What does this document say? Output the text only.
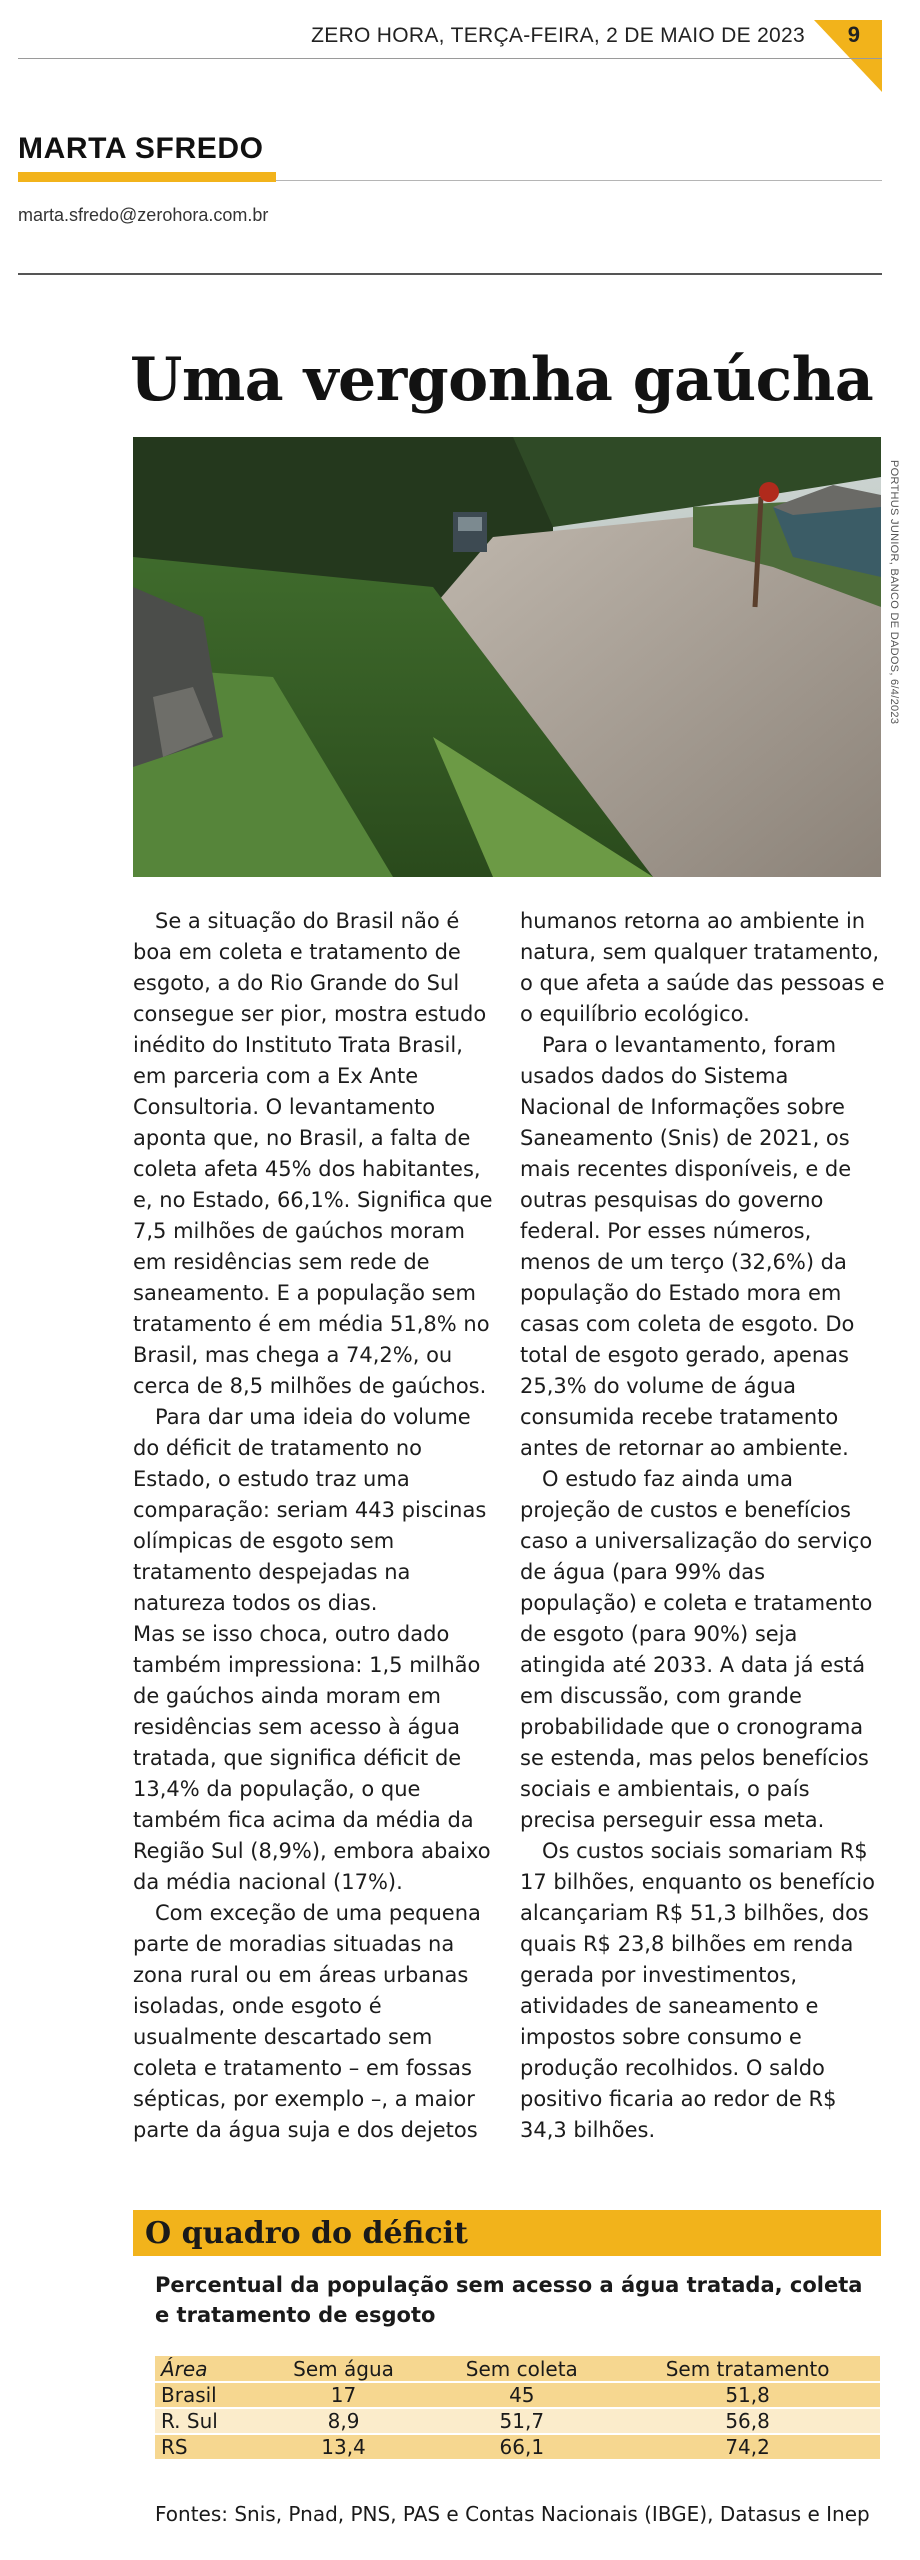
ZERO HORA, TERÇA-FEIRA, 2 DE MAIO DE 2023 9
MARTA SFREDO
marta.sfredo@zerohora.com.br
Uma vergonha gaúcha
PORTHUS JUNIOR, BANCO DE DADOS, 6/4/2023

Se a situação do Brasil não é boa em coleta e tratamento de esgoto, a do Rio Grande do Sul consegue ser pior, mostra estudo inédito do Instituto Trata Brasil, em parceria com a Ex Ante Consultoria. O levantamento aponta que, no Brasil, a falta de coleta afeta 45% dos habitantes, e, no Estado, 66,1%. Significa que 7,5 milhões de gaúchos moram em residências sem rede de saneamento. E a população sem tratamento é em média 51,8% no Brasil, mas chega a 74,2%, ou cerca de 8,5 milhões de gaúchos.

Para dar uma ideia do volume do déficit de tratamento no Estado, o estudo traz uma comparação: seriam 443 piscinas olímpicas de esgoto sem tratamento despejadas na natureza todos os dias.

Mas se isso choca, outro dado também impressiona: 1,5 milhão de gaúchos ainda moram em residências sem acesso à água tratada, que significa déficit de 13,4% da população, o que também fica acima da média da Região Sul (8,9%), embora abaixo da média nacional (17%).

Com exceção de uma pequena parte de moradias situadas na zona rural ou em áreas urbanas isoladas, onde esgoto é usualmente descartado sem coleta e tratamento – em fossas sépticas, por exemplo –, a maior parte da água suja e dos dejetos

humanos retorna ao ambiente in natura, sem qualquer tratamento, o que afeta a saúde das pessoas e o equilíbrio ecológico.

Para o levantamento, foram usados dados do Sistema Nacional de Informações sobre Saneamento (Snis) de 2021, os mais recentes disponíveis, e de outras pesquisas do governo federal. Por esses números, menos de um terço (32,6%) da população do Estado mora em casas com coleta de esgoto. Do total de esgoto gerado, apenas 25,3% do volume de água consumida recebe tratamento antes de retornar ao ambiente.

O estudo faz ainda uma projeção de custos e benefícios caso a universalização do serviço de água (para 99% das população) e coleta e tratamento de esgoto (para 90%) seja atingida até 2033. A data já está em discussão, com grande probabilidade que o cronograma se estenda, mas pelos benefícios sociais e ambientais, o país precisa perseguir essa meta.

Os custos sociais somariam R$ 17 bilhões, enquanto os benefício alcançariam R$ 51,3 bilhões, dos quais R$ 23,8 bilhões em renda gerada por investimentos, atividades de saneamento e impostos sobre consumo e produção recolhidos. O saldo positivo ficaria ao redor de R$ 34,3 bilhões.

O quadro do déficit
Percentual da população sem acesso a água tratada, coleta e tratamento de esgoto
Área	Sem água	Sem coleta	Sem tratamento
Brasil	17	45	51,8
R. Sul	8,9	51,7	56,8
RS	13,4	66,1	74,2
Fontes: Snis, Pnad, PNS, PAS e Contas Nacionais (IBGE), Datasus e Inep
